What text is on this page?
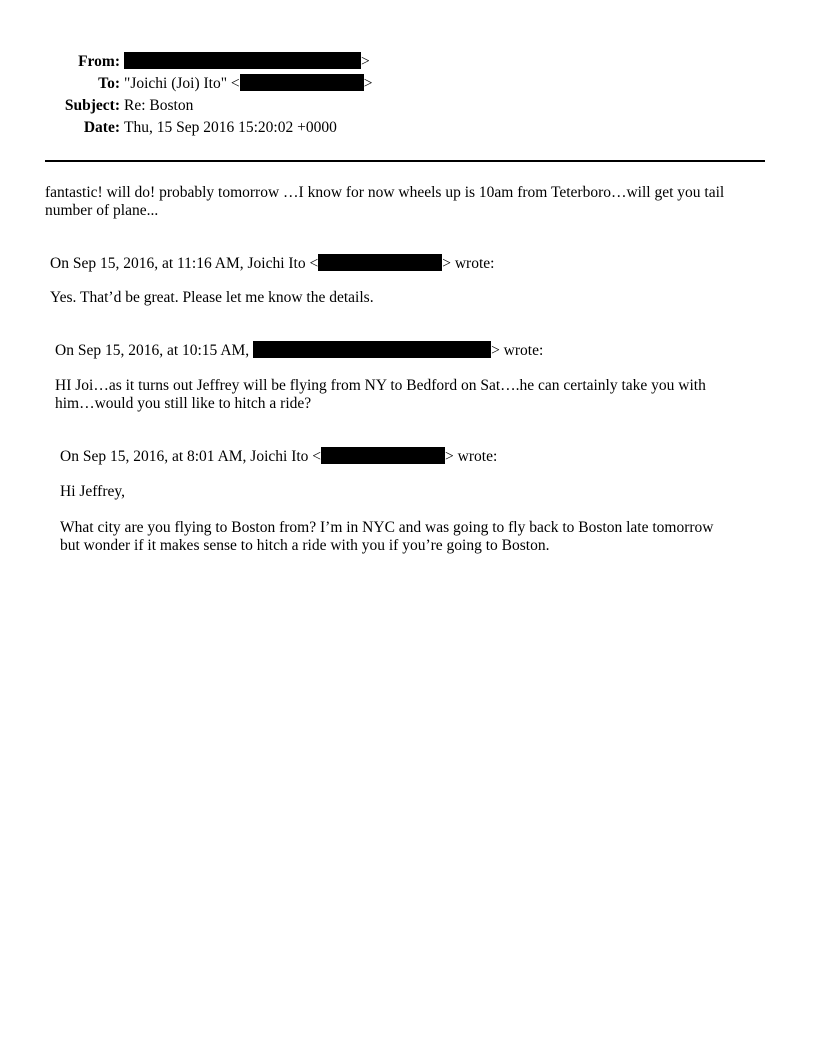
From:	>
To: "Joichi (Joi) Ito" <	>
Subject: Re: Boston
Date: Thu, 15 Sep 2016 15:20:02 +0000
fantastic! will do! probably tomorrow …I know for now wheels up is 10am from Teterboro…will get you tail
number of plane...
On Sep 15, 2016, at 11:16 AM, Joichi Ito <	> wrote:
Yes. That’d be great. Please let me know the details.
On Sep 15, 2016, at 10:15 AM,	> wrote:
HI Joi…as it turns out Jeffrey will be flying from NY to Bedford on Sat….he can certainly take you with
him…would you still like to hitch a ride?
On Sep 15, 2016, at 8:01 AM, Joichi Ito <	> wrote:
Hi Jeffrey,
What city are you flying to Boston from? I’m in NYC and was going to fly back to Boston late tomorrow
but wonder if it makes sense to hitch a ride with you if you’re going to Boston.
